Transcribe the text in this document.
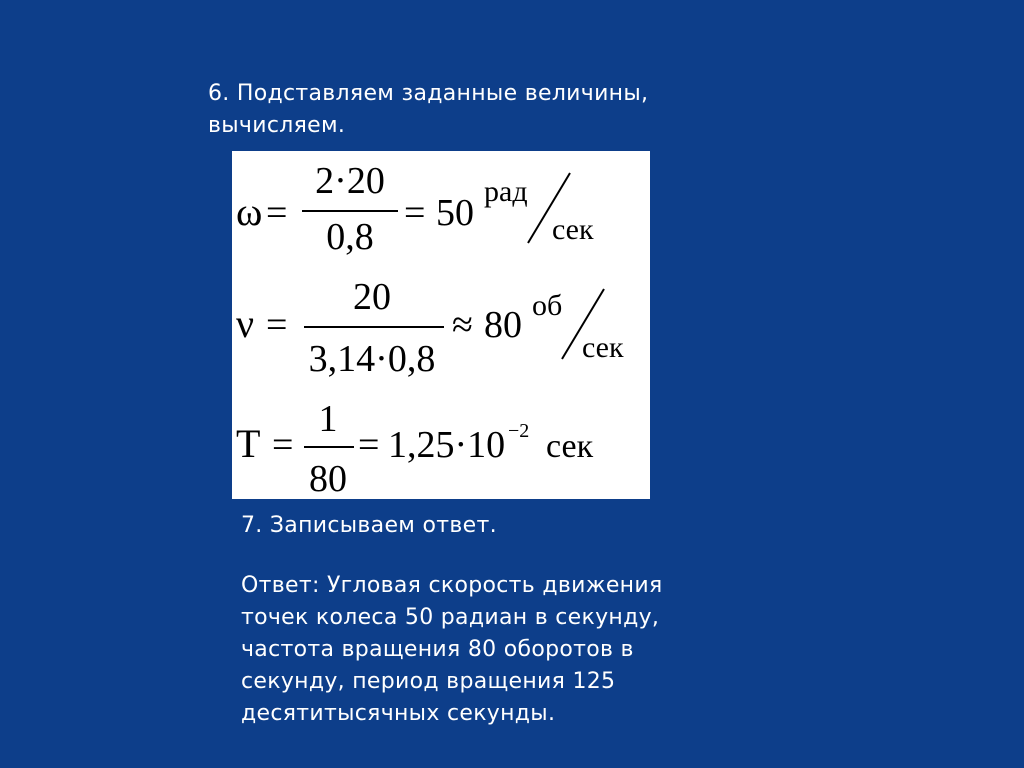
6. Подставляем заданные величины,
вычисляем.
ω =
2·20
0,8
= 50
рад
сек
ν =
20
3,14·0,8
≈ 80 об
сек
T =
1
80
= 1,25·10 −2 сек
7. Записываем ответ.
Ответ: Угловая скорость движения
точек колеса 50 радиан в секунду,
частота вращения 80 оборотов в
секунду, период вращения 125
десятитысячных секунды.
